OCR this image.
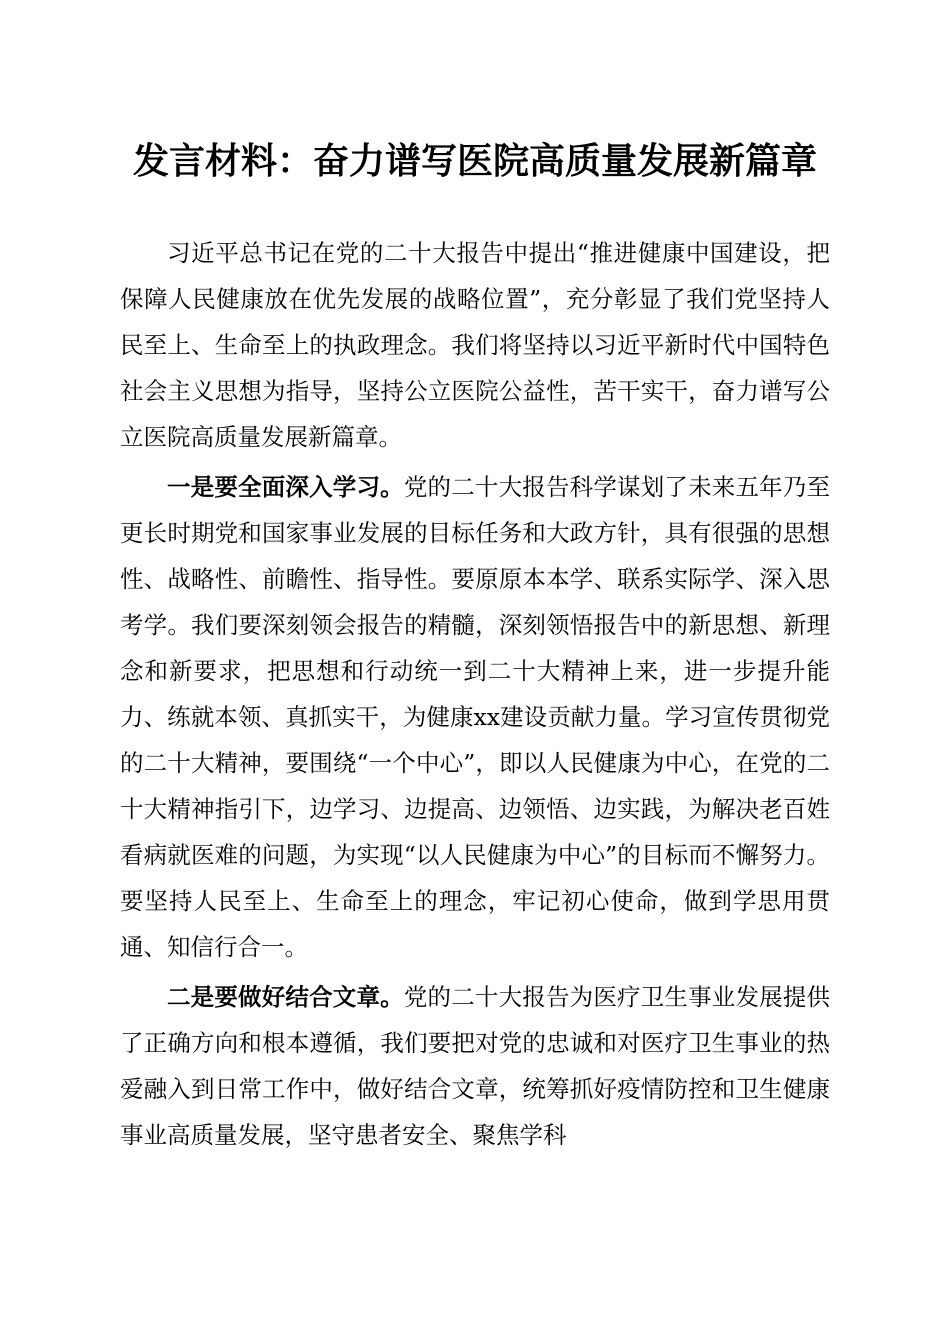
发言材料：奋力谱写医院高质量发展新篇章

习近平总书记在党的二十大报告中提出“推进健康中国建设，把保障人民健康放在优先发展的战略位置”，充分彰显了我们党坚持人民至上、生命至上的执政理念。我们将坚持以习近平新时代中国特色社会主义思想为指导，坚持公立医院公益性，苦干实干，奋力谱写公立医院高质量发展新篇章。

一是要全面深入学习。党的二十大报告科学谋划了未来五年乃至更长时期党和国家事业发展的目标任务和大政方针，具有很强的思想性、战略性、前瞻性、指导性。要原原本本学、联系实际学、深入思考学。我们要深刻领会报告的精髓，深刻领悟报告中的新思想、新理念和新要求，把思想和行动统一到二十大精神上来，进一步提升能力、练就本领、真抓实干，为健康xx建设贡献力量。学习宣传贯彻党的二十大精神，要围绕“一个中心”，即以人民健康为中心，在党的二十大精神指引下，边学习、边提高、边领悟、边实践，为解决老百姓看病就医难的问题，为实现“以人民健康为中心”的目标而不懈努力。要坚持人民至上、生命至上的理念，牢记初心使命，做到学思用贯通、知信行合一。

二是要做好结合文章。党的二十大报告为医疗卫生事业发展提供了正确方向和根本遵循，我们要把对党的忠诚和对医疗卫生事业的热爱融入到日常工作中，做好结合文章，统筹抓好疫情防控和卫生健康事业高质量发展，坚守患者安全、聚焦学科
